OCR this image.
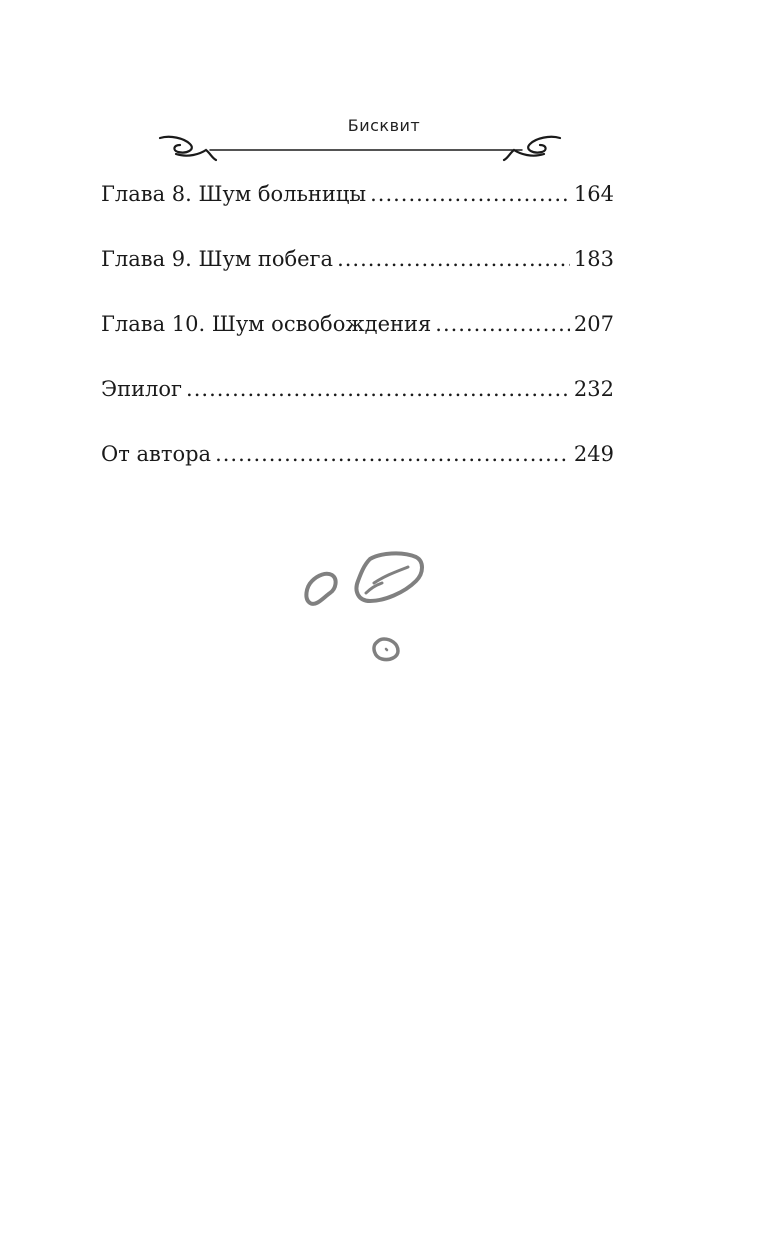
Бисквит
Глава 8. Шум больницы .....	164
Глава 9. Шум побега .....	183
Глава 10. Шум освобождения .....	207
Эпилог .....	232
От автора .....	249
